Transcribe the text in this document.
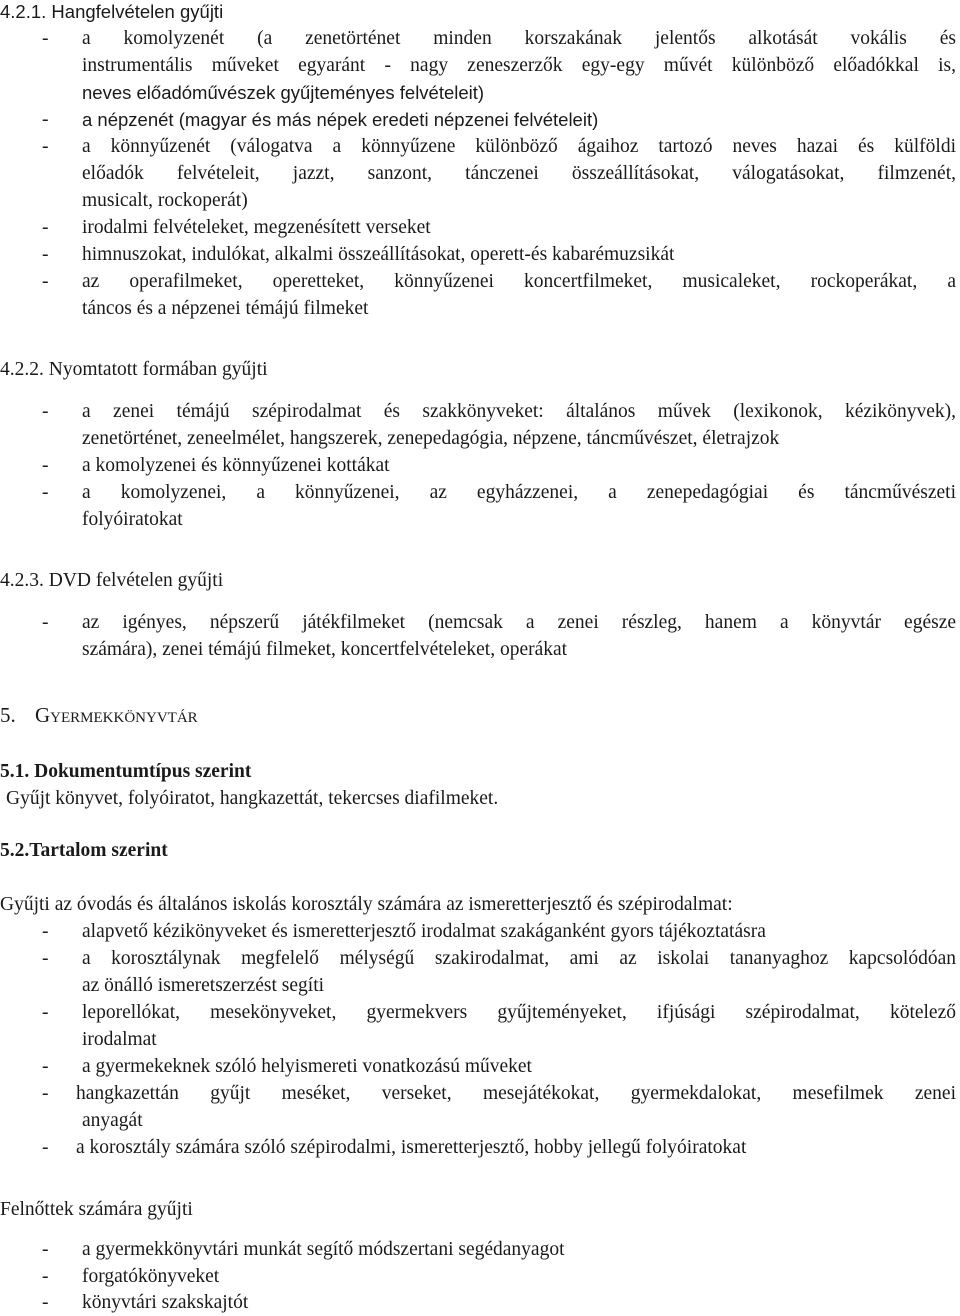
4.2.1. Hangfelvételen gyűjti
- a komolyzenét (a zenetörténet minden korszakának jelentős alkotását vokális és
instrumentális műveket egyaránt - nagy zeneszerzők egy-egy művét különböző előadókkal is,
neves előadóművészek gyűjteményes felvételeit)
- a népzenét (magyar és más népek eredeti népzenei felvételeit)
- a könnyűzenét (válogatva a könnyűzene különböző ágaihoz tartozó neves hazai és külföldi
előadók felvételeit, jazzt, sanzont, tánczenei összeállításokat, válogatásokat, filmzenét,
musicalt, rockoperát)
- irodalmi felvételeket, megzenésített verseket
- himnuszokat, indulókat, alkalmi összeállításokat, operett-és kabarémuzsikát
- az operafilmeket, operetteket, könnyűzenei koncertfilmeket, musicaleket, rockoperákat, a
táncos és a népzenei témájú filmeket
4.2.2. Nyomtatott formában gyűjti
- a zenei témájú szépirodalmat és szakkönyveket: általános művek (lexikonok, kézikönyvek),
zenetörténet, zeneelmélet, hangszerek, zenepedagógia, népzene, táncművészet, életrajzok
- a komolyzenei és könnyűzenei kottákat
- a komolyzenei, a könnyűzenei, az egyházzenei, a zenepedagógiai és táncművészeti
folyóiratokat
4.2.3. DVD felvételen gyűjti
- az igényes, népszerű játékfilmeket (nemcsak a zenei részleg, hanem a könyvtár egésze
számára), zenei témájú filmeket, koncertfelvételeket, operákat
5. Gyermekkönyvtár
5.1. Dokumentumtípus szerint
Gyűjt könyvet, folyóiratot, hangkazettát, tekercses diafilmeket.
5.2.Tartalom szerint
Gyűjti az óvodás és általános iskolás korosztály számára az ismeretterjesztő és szépirodalmat:
- alapvető kézikönyveket és ismeretterjesztő irodalmat szakáganként gyors tájékoztatásra
- a korosztálynak megfelelő mélységű szakirodalmat, ami az iskolai tananyaghoz kapcsolódóan
az önálló ismeretszerzést segíti
- leporellókat, mesekönyveket, gyermekvers gyűjteményeket, ifjúsági szépirodalmat, kötelező
irodalmat
- a gyermekeknek szóló helyismereti vonatkozású műveket
- hangkazettán gyűjt meséket, verseket, mesejátékokat, gyermekdalokat, mesefilmek zenei
anyagát
- a korosztály számára szóló szépirodalmi, ismeretterjesztő, hobby jellegű folyóiratokat
Felnőttek számára gyűjti
- a gyermekkönyvtári munkát segítő módszertani segédanyagot
- forgatókönyveket
- könyvtári szakskajtót
